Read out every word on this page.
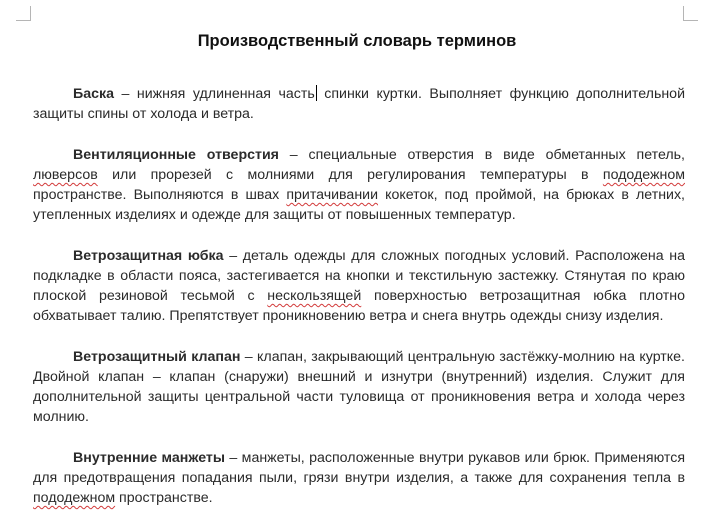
Производственный словарь терминов

Баска – нижняя удлиненная часть спинки куртки. Выполняет функцию дополнительной защиты спины от холода и ветра.

Вентиляционные отверстия – специальные отверстия в виде обметанных петель, люверсов или прорезей с молниями для регулирования температуры в пододежном пространстве. Выполняются в швах притачивании кокеток, под проймой, на брюках в летних, утепленных изделиях и одежде для защиты от повышенных температур.

Ветрозащитная юбка – деталь одежды для сложных погодных условий. Расположена на подкладке в области пояса, застегивается на кнопки и текстильную застежку. Стянутая по краю плоской резиновой тесьмой с нескользящей поверхностью ветрозащитная юбка плотно обхватывает талию. Препятствует проникновению ветра и снега внутрь одежды снизу изделия.

Ветрозащитный клапан – клапан, закрывающий центральную застёжку-молнию на куртке. Двойной клапан – клапан (снаружи) внешний и изнутри (внутренний) изделия. Служит для дополнительной защиты центральной части туловища от проникновения ветра и холода через молнию.

Внутренние манжеты – манжеты, расположенные внутри рукавов или брюк. Применяются для предотвращения попадания пыли, грязи внутри изделия, а также для сохранения тепла в пододежном пространстве.
